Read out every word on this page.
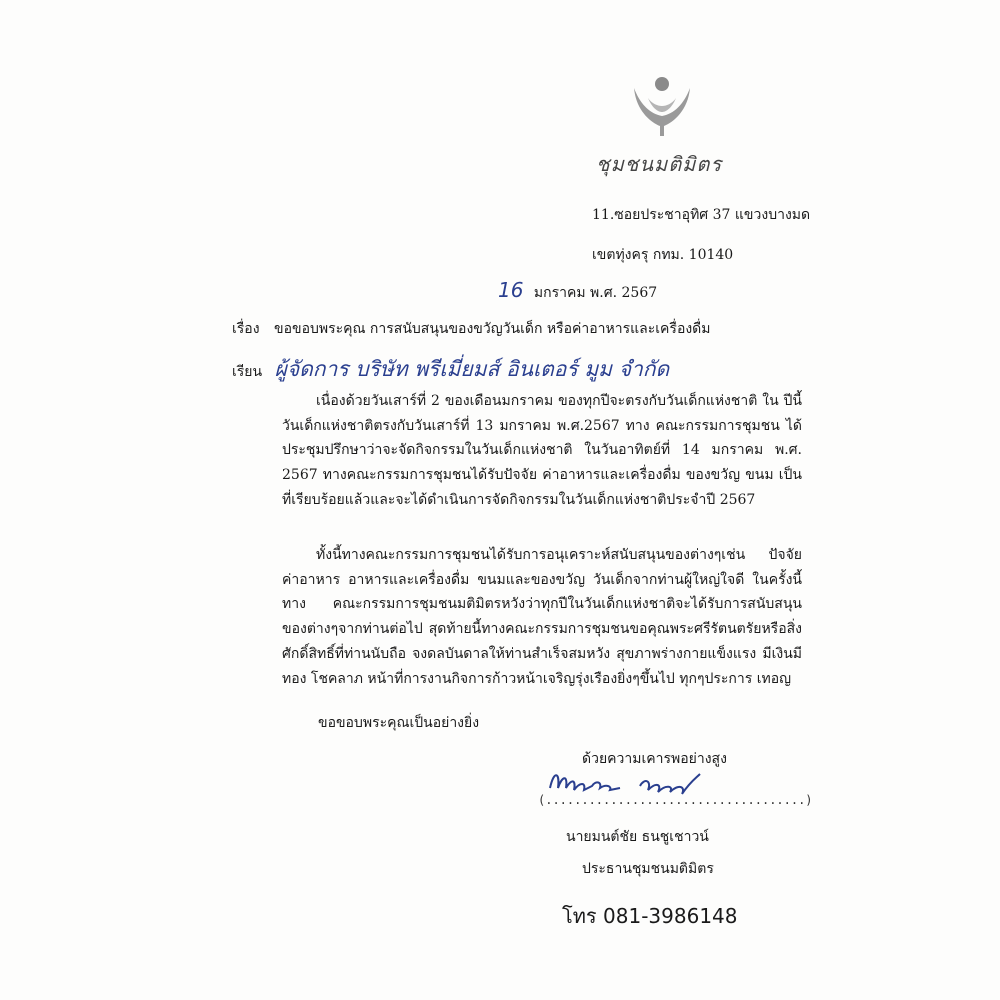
ชุมชนมติมิตร
11.ซอยประชาอุทิศ 37 แขวงบางมด
เขตทุ่งครุ กทม. 10140
16 มกราคม พ.ศ. 2567
เรื่อง ขอขอบพระคุณ การสนับสนุนของขวัญวันเด็ก หรือค่าอาหารและเครื่องดื่ม
เรียน ผู้จัดการ บริษัท พรีเมี่ยมส์ อินเตอร์ มูม จำกัด
เนื่องด้วยวันเสาร์ที่ 2 ของเดือนมกราคม ของทุกปีจะตรงกับวันเด็กแห่งชาติ ใน ปีนี้วันเด็กแห่งชาติตรงกับวันเสาร์ที่ 13 มกราคม พ.ศ.2567 ทาง คณะกรรมการชุมชน ได้ประชุมปรึกษาว่าจะจัดกิจกรรมในวันเด็กแห่งชาติ ในวันอาทิตย์ที่ 14 มกราคม พ.ศ. 2567 ทางคณะกรรมการชุมชนได้รับปัจจัย ค่าอาหารและเครื่องดื่ม ของขวัญ ขนม เป็นที่เรียบร้อยแล้วและจะได้ดำเนินการจัดกิจกรรมในวันเด็กแห่งชาติประจำปี 2567
ทั้งนี้ทางคณะกรรมการชุมชนได้รับการอนุเคราะห์สนับสนุนของต่างๆเช่น ปัจจัย ค่าอาหาร อาหารและเครื่องดื่ม ขนมและของขวัญ วันเด็กจากท่านผู้ใหญ่ใจดี ในครั้งนี้ทาง คณะกรรมการชุมชนมติมิตรหวังว่าทุกปีในวันเด็กแห่งชาติจะได้รับการสนับสนุนของต่างๆจากท่านต่อไป สุดท้ายนี้ทางคณะกรรมการชุมชนขอคุณพระศรีรัตนตรัยหรือสิ่งศักดิ์สิทธิ์ที่ท่านนับถือ จงดลบันดาลให้ท่านสำเร็จสมหวัง สุขภาพร่างกายแข็งแรง มีเงินมีทอง โชคลาภ หน้าที่การงานกิจการก้าวหน้าเจริญรุ่งเรืองยิ่งๆขึ้นไป ทุกๆประการ เทอญ
ขอขอบพระคุณเป็นอย่างยิ่ง
ด้วยความเคารพอย่างสูง
(....................................)
นายมนต์ชัย ธนชูเชาวน์
ประธานชุมชนมติมิตร
โทร 081-3986148
